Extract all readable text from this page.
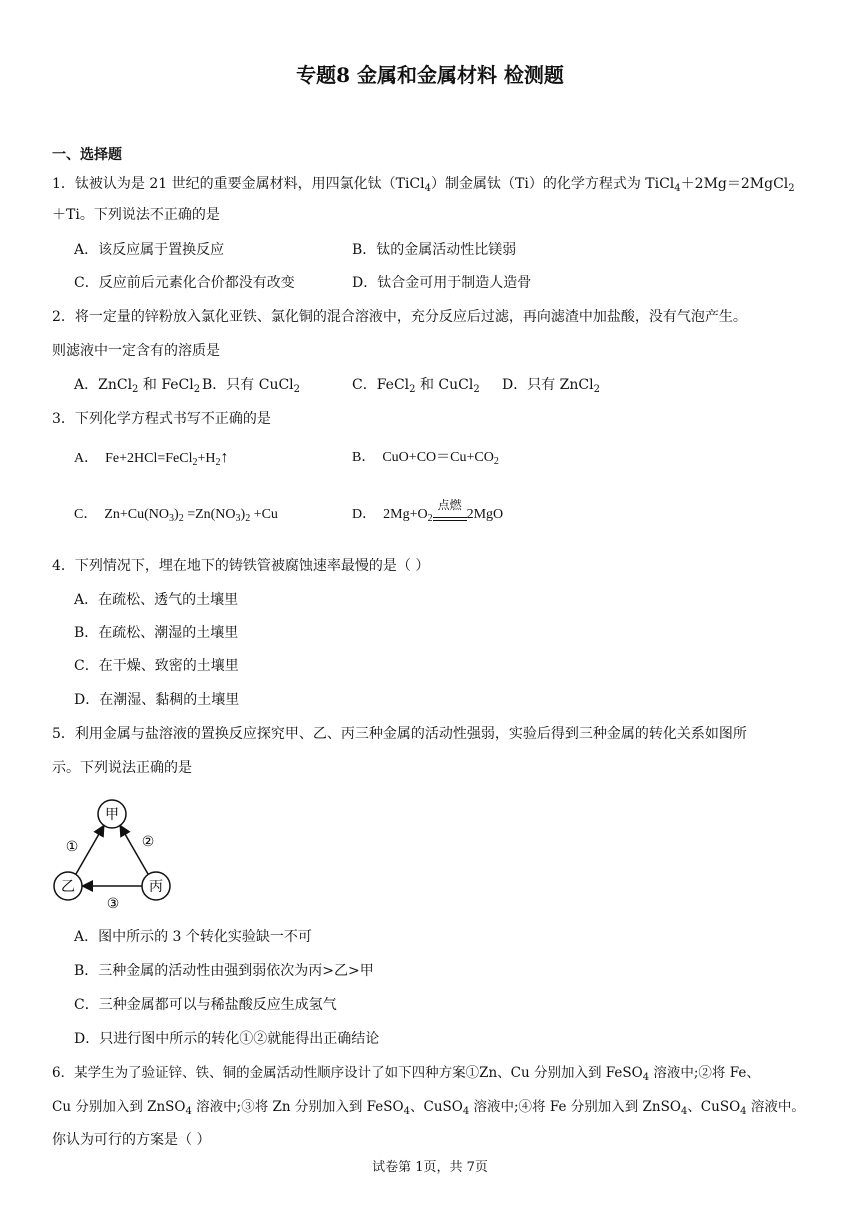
专题8 金属和金属材料 检测题
一、选择题
1．钛被认为是 21 世纪的重要金属材料，用四氯化钛（TiCl$_4$）制金属钛（Ti）的化学方程式为 TiCl$_4$＋2Mg＝2MgCl$_2$
＋Ti。下列说法不正确的是
A．该反应属于置换反应	B．钛的金属活动性比镁弱
C．反应前后元素化合价都没有改变	D．钛合金可用于制造人造骨
2．将一定量的锌粉放入氯化亚铁、氯化铜的混合溶液中，充分反应后过滤，再向滤渣中加盐酸，没有气泡产生。
则滤液中一定含有的溶质是
A．ZnCl$_2$ 和 FeCl$_2$ B．只有 CuCl$_2$	C．FeCl$_2$ 和 CuCl$_2$ D．只有 ZnCl$_2$
3．下列化学方程式书写不正确的是
A． $Fe+2HCl=FeCl_2+H_2↑$	B． $CuO+CO=Cu+CO_2$
C． $Zn+Cu(NO_3)_2 =Zn(NO_3)_2 +Cu$	D． $2Mg+O_2$
点燃
2MgO
4．下列情况下，埋在地下的铸铁管被腐蚀速率最慢的是（ ）
A．在疏松、透气的土壤里
B．在疏松、潮湿的土壤里
C．在干燥、致密的土壤里
D．在潮湿、黏稠的土壤里
5．利用金属与盐溶液的置换反应探究甲、乙、丙三种金属的活动性强弱，实验后得到三种金属的转化关系如图所
示。下列说法正确的是
甲
乙	丙
①	②
③
A．图中所示的 3 个转化实验缺一不可
B．三种金属的活动性由强到弱依次为丙>乙>甲
C．三种金属都可以与稀盐酸反应生成氢气
D．只进行图中所示的转化①②就能得出正确结论
6．某学生为了验证锌、铁、铜的金属活动性顺序设计了如下四种方案①Zn、Cu 分别加入到 FeSO$_4$ 溶液中;②将 Fe、
Cu 分别加入到 ZnSO$_4$ 溶液中;③将 Zn 分别加入到 FeSO$_4$、CuSO$_4$ 溶液中;④将 Fe 分别加入到 ZnSO$_4$、CuSO$_4$ 溶液中。
你认为可行的方案是（ ）
试卷第 1页，共 7页
